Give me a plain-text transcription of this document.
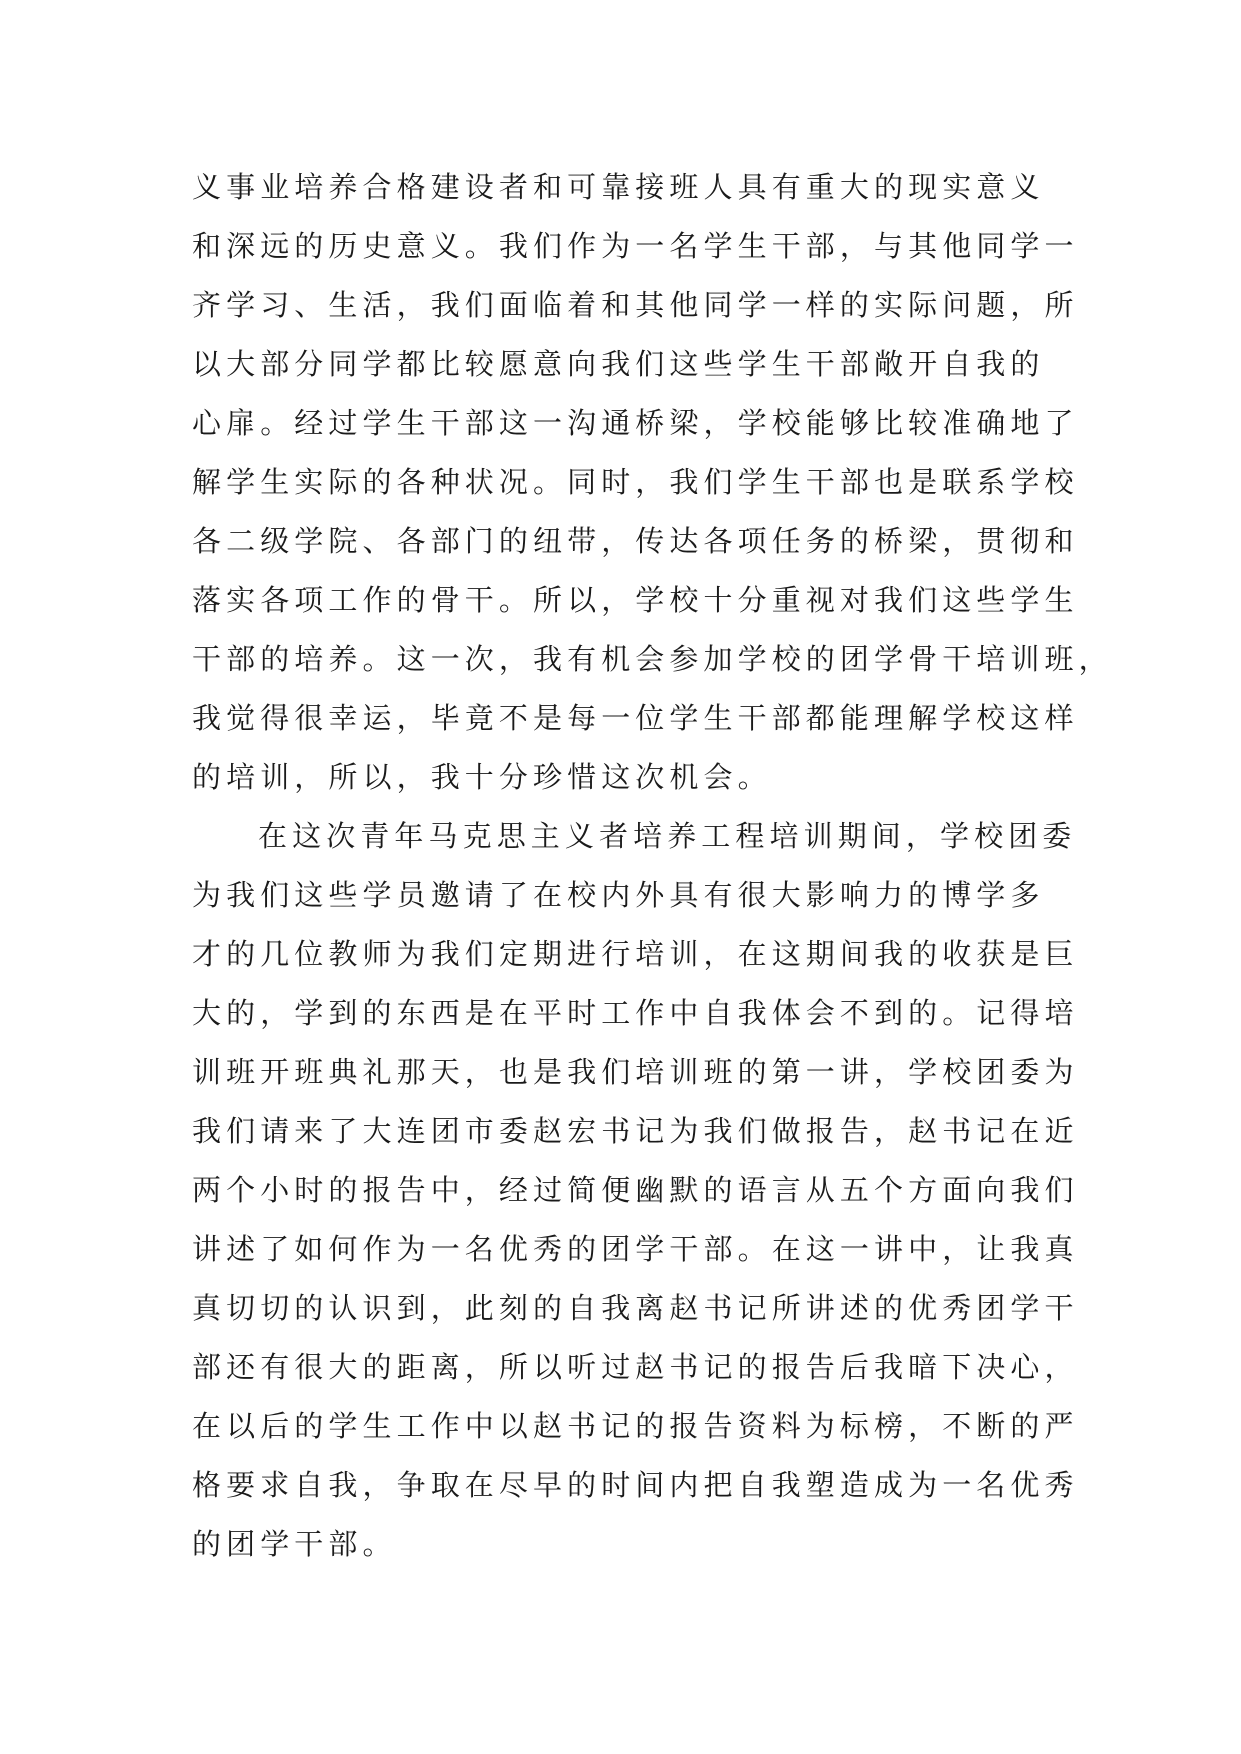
义事业培养合格建设者和可靠接班人具有重大的现实意义
和深远的历史意义。我们作为一名学生干部，与其他同学一
齐学习、生活，我们面临着和其他同学一样的实际问题，所
以大部分同学都比较愿意向我们这些学生干部敞开自我的
心扉。经过学生干部这一沟通桥梁，学校能够比较准确地了
解学生实际的各种状况。同时，我们学生干部也是联系学校
各二级学院、各部门的纽带，传达各项任务的桥梁，贯彻和
落实各项工作的骨干。所以，学校十分重视对我们这些学生
干部的培养。这一次，我有机会参加学校的团学骨干培训班，
我觉得很幸运，毕竟不是每一位学生干部都能理解学校这样
的培训，所以，我十分珍惜这次机会。

在这次青年马克思主义者培养工程培训期间，学校团委
为我们这些学员邀请了在校内外具有很大影响力的博学多
才的几位教师为我们定期进行培训，在这期间我的收获是巨
大的，学到的东西是在平时工作中自我体会不到的。记得培
训班开班典礼那天，也是我们培训班的第一讲，学校团委为
我们请来了大连团市委赵宏书记为我们做报告，赵书记在近
两个小时的报告中，经过简便幽默的语言从五个方面向我们
讲述了如何作为一名优秀的团学干部。在这一讲中，让我真
真切切的认识到，此刻的自我离赵书记所讲述的优秀团学干
部还有很大的距离，所以听过赵书记的报告后我暗下决心，
在以后的学生工作中以赵书记的报告资料为标榜，不断的严
格要求自我，争取在尽早的时间内把自我塑造成为一名优秀
的团学干部。
